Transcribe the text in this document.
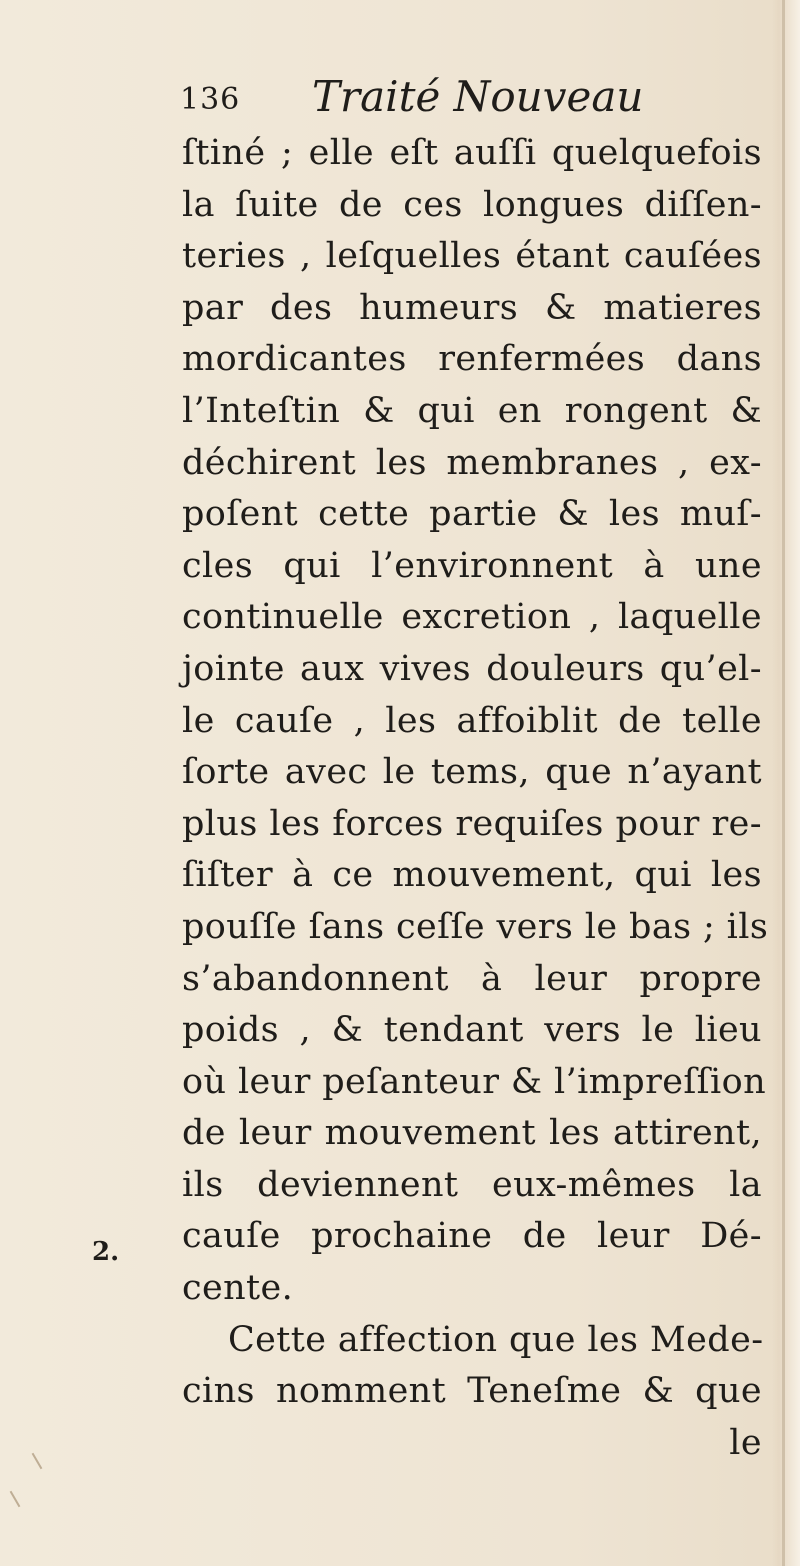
136 Traité Nouveau
ſtiné ; elle eſt auſſi quelquefois
la ſuite de ces longues diſſen-
teries , leſquelles étant cauſées
par des humeurs & matieres
mordicantes renfermées dans
l’Inteſtin & qui en rongent &
déchirent les membranes , ex-
poſent cette partie & les muſ-
cles qui l’environnent à une
continuelle excretion , laquelle
jointe aux vives douleurs qu’el-
le cauſe , les affoiblit de telle
ſorte avec le tems, que n’ayant
plus les forces requiſes pour re-
ſiſter à ce mouvement, qui les
pouſſe ſans ceſſe vers le bas ; ils
s’abandonnent à leur propre
poids , & tendant vers le lieu
où leur peſanteur & l’impreſſion
de leur mouvement les attirent,
ils deviennent eux-mêmes la
cauſe prochaine de leur Dé-
cente.
Cette affection que les Mede-
cins nomment Teneſme & que
le
2.
